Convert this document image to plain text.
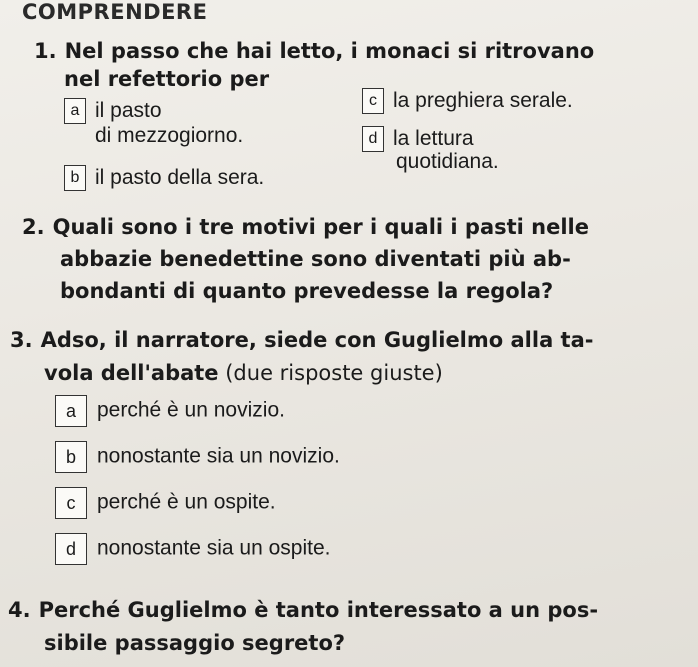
COMPRENDERE
1. Nel passo che hai letto, i monaci si ritrovano
nel refettorio per
a il pasto
di mezzogiorno.
b il pasto della sera.
c la preghiera serale.
d la lettura
quotidiana.
2. Quali sono i tre motivi per i quali i pasti nelle
abbazie benedettine sono diventati più ab-
bondanti di quanto prevedesse la regola?
3. Adso, il narratore, siede con Guglielmo alla ta-
vola dell'abate (due risposte giuste)
a perché è un novizio.
b nonostante sia un novizio.
c perché è un ospite.
d nonostante sia un ospite.
4. Perché Guglielmo è tanto interessato a un pos-
sibile passaggio segreto?
